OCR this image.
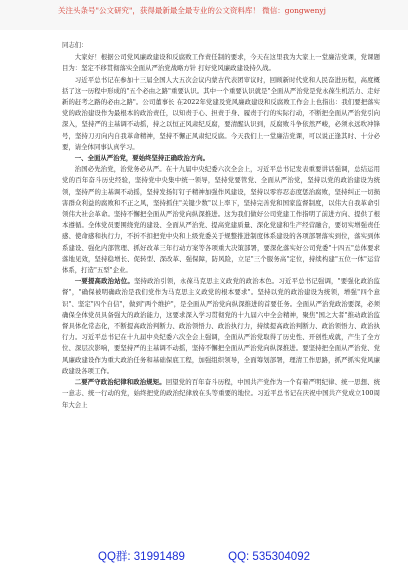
关注头条号"公文研究"，获得最新最全最专业的公文资料库！ 微信：gongwenyj
同志们：

大家好！根据公司党风廉政建设和反腐败工作责任制的要求，今天在这里我为大家上一堂廉洁党课，党课题目为：坚定不移贯彻落实全面从严治党战略方针 打好党风廉政建设持久战。

习近平总书记在参加十三届全国人大五次会议内蒙古代表团审议时，回顾新时代党和人民奋进历程，高度概括了这一历程中形成的"五个必由之路"重要认识。其中一个重要认识就是"全面从严治党是党永葆生机活力、走好新的赶考之路的必由之路"。公司董事长 在2022年党建及党风廉政建设和反腐败工作会上也指出：我们要把落实党的政治建设作为最根本的政治责任，以知责于心、担责于身、履责于行的实际行动，不断把全面从严治党引向深入，坚持严的主基调不动摇，持之以恒正风肃纪反腐，要清醒认识到，反腐败斗争依然严峻，必须永远吹冲锋号，坚持刀刃向内自我革命精神，坚持不懈正风肃纪反腐。今天我们上一堂廉洁党课，可以说正逢其时、十分必要，请全体同事认真学习。

一、全面从严治党，要始终坚持正确政治方向。

治国必先治党，治党务必从严。在十九届中央纪委六次全会上，习近平总书记发表重要讲话强调，总结运用党的百年奋斗历史经验，坚持党中央集中统一领导，坚持党要管党、全面从严治党，坚持以党的政治建设为统领，坚持严的主基调不动摇，坚持发扬钉钉子精神加强作风建设，坚持以零容忍态度惩治腐败，坚持纠正一切损害群众利益的腐败和不正之风，坚持抓住"关键少数"以上率下，坚持完善党和国家监督制度，以伟大自我革命引领伟大社会革命。坚持不懈把全面从严治党向纵深推进。这为我们做好公司党建工作指明了前进方向、提供了根本遵循。全体党员要围绕党的建设、全面从严治党、提高党建质量、深化党建和生产经营融合，要切实增强责任感、使命感和执行力，不折不扣把党中央和上级党委关于规整推进制度体系建设的各项部署落实到位，落实到体系建设、强化内部管理、抓好改革三年行动方案等各项重大决策部署，要深化落实好公司党委"十四五"总体要求落地见效，坚持稳增长、促转型、深改革、强保障，防风险，立足"三个服务高"定位，持续构建"五位一体"运营体系，打造"五型"企业。

一要提高政治站位。坚持政治引领，永葆马克思主义政党的政治本色。习近平总书记强调，"要强化政治监督"，"确保被明确政治是我们党作为马克思主义政党的根本要求"。坚持以党的政治建设为统领，增强"四个意识"、坚定"四个自信"，做到"两个维护"，是全面从严治党向纵深推进的首要任务。全面从严治党政治要深，必须确保全体党员具备强大的政治能力，这要求深入学习贯彻党的十九届六中全会精神，聚焦"国之大者"推动政治监督具体化常态化，不断提高政治判断力、政治领悟力、政治执行力，持续提高政治判断力、政治领悟力、政治执行力。习近平总书记在十九届中央纪委六次全会上强调，全面从严治党取得了历史性、开创性成就，产生了全方位、深层次影响，要坚持严的主基调不动摇，坚持不懈把全面从严治党向纵深推进。要坚持把全面从严治党、党风廉政建设作为重大政治任务和基础保底工程，加强组织领导，全面筹划部署，理清工作思路，抓严抓实党风廉政建设各项工作。

二要严守政治纪律和政治规矩。回望党的百年奋斗历程，中国共产党作为一个有着严明纪律、统一思想、统一意志、统一行动的党，始终把党的政治纪律放在头等重要的地位。习近平总书记在庆祝中国共产党成立100周年大会上

QQ群: 31991489	QQ: 535304092
